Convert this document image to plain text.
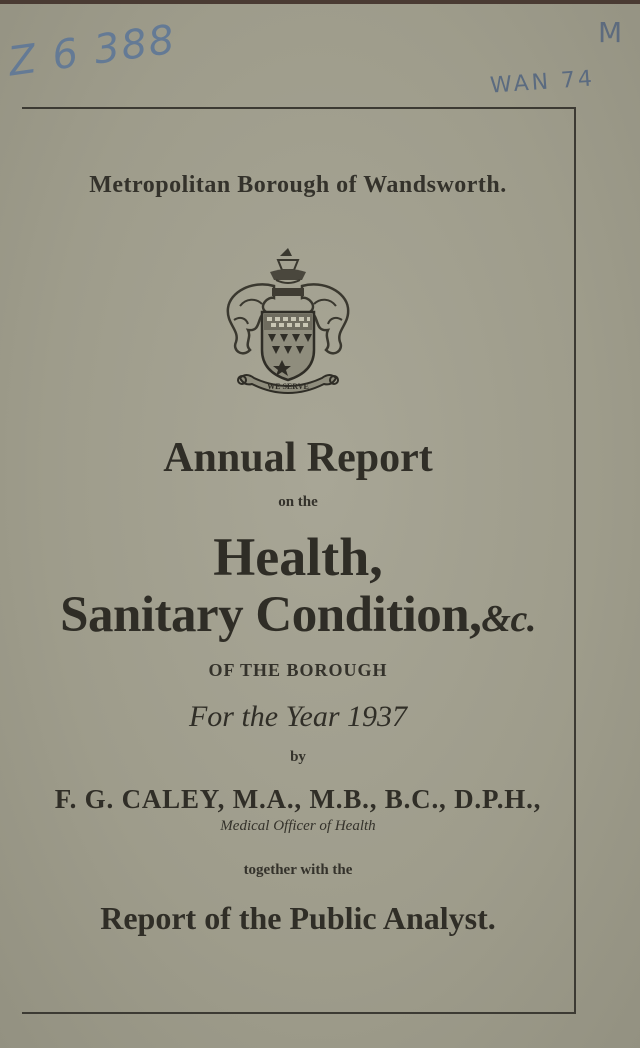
Z 6 388	WAN 74
M
Metropolitan Borough of Wandsworth.
WE SERVE
Annual Report
on the
Health,
Sanitary Condition,&c.
OF THE BOROUGH
For the Year 1937
by
F. G. CALEY, M.A., M.B., B.C., D.P.H.,
Medical Officer of Health
together with the
Report of the Public Analyst.
